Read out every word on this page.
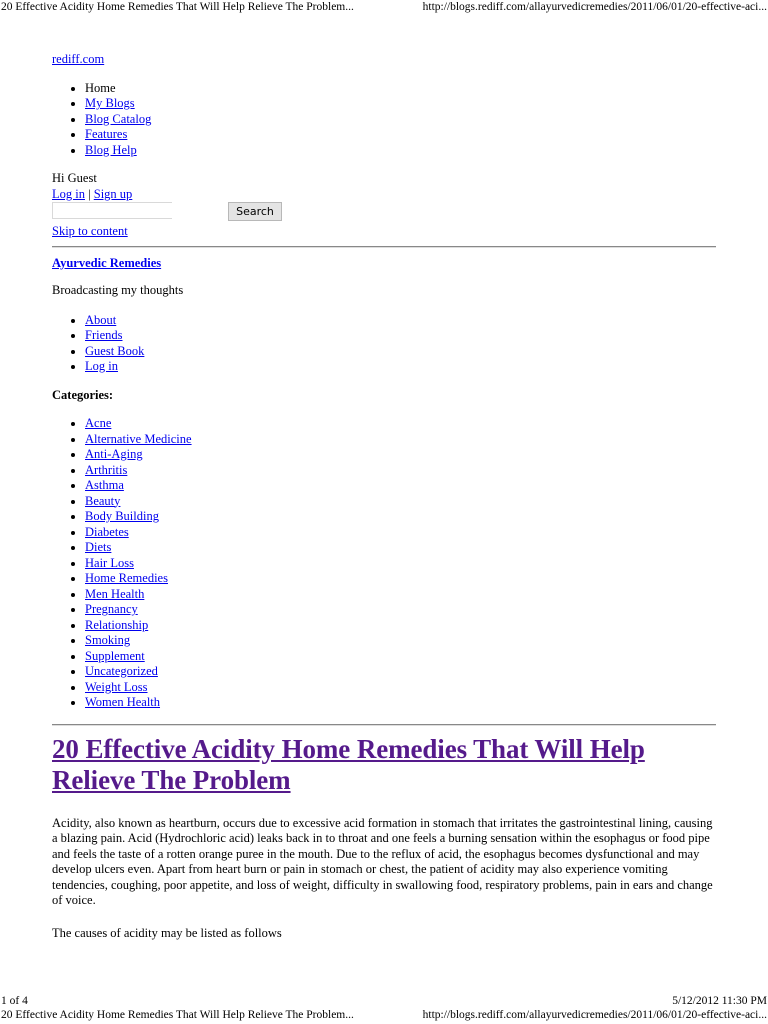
20 Effective Acidity Home Remedies That Will Help Relieve The Problem...	http://blogs.rediff.com/allayurvedicremedies/2011/06/01/20-effective-aci...
rediff.com
• Home
• My Blogs
• Blog Catalog
• Features
• Blog Help
Hi Guest
Log in | Sign up
Search
Skip to content
Ayurvedic Remedies
Broadcasting my thoughts
• About
• Friends
• Guest Book
• Log in
Categories:
• Acne
• Alternative Medicine
• Anti-Aging
• Arthritis
• Asthma
• Beauty
• Body Building
• Diabetes
• Diets
• Hair Loss
• Home Remedies
• Men Health
• Pregnancy
• Relationship
• Smoking
• Supplement
• Uncategorized
• Weight Loss
• Women Health
20 Effective Acidity Home Remedies That Will Help Relieve The Problem

Acidity, also known as heartburn, occurs due to excessive acid formation in stomach that irritates the gastrointestinal lining, causing a blazing pain. Acid (Hydrochloric acid) leaks back in to throat and one feels a burning sensation within the esophagus or food pipe and feels the taste of a rotten orange puree in the mouth. Due to the reflux of acid, the esophagus becomes dysfunctional and may develop ulcers even. Apart from heart burn or pain in stomach or chest, the patient of acidity may also experience vomiting tendencies, coughing, poor appetite, and loss of weight, difficulty in swallowing food, respiratory problems, pain in ears and change of voice.

The causes of acidity may be listed as follows

1 of 4	5/12/2012 11:30 PM
20 Effective Acidity Home Remedies That Will Help Relieve The Problem...	http://blogs.rediff.com/allayurvedicremedies/2011/06/01/20-effective-aci...
